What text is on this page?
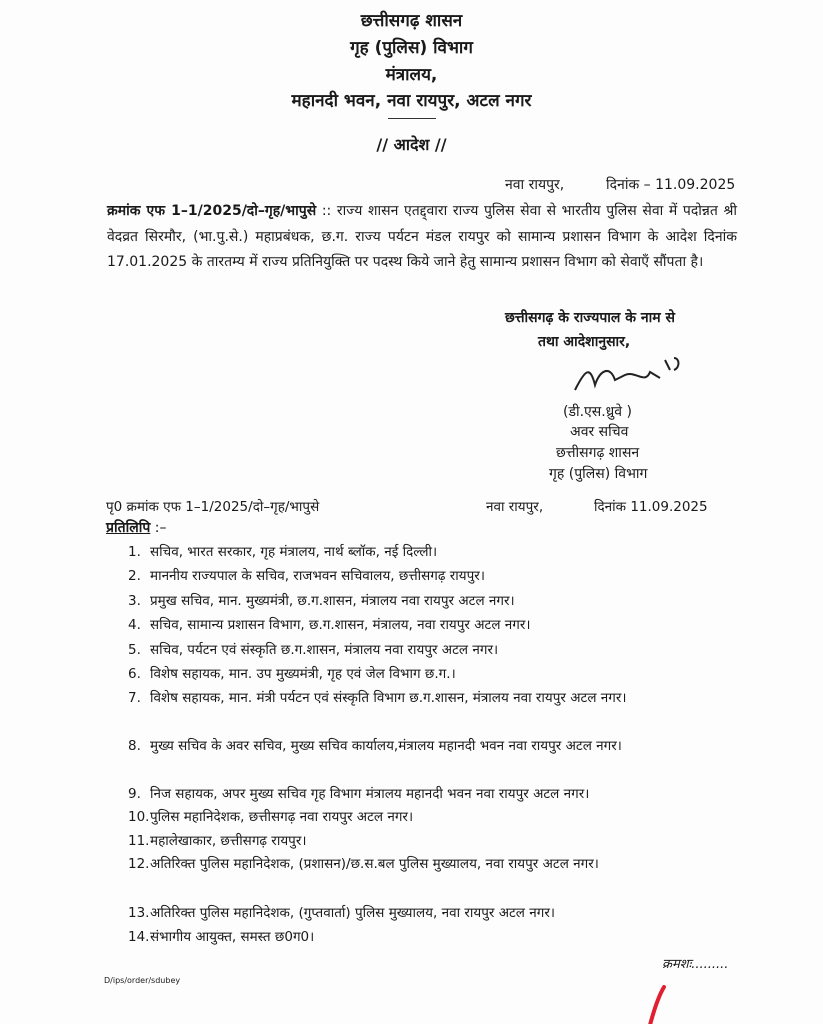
छत्तीसगढ़ शासन
गृह (पुलिस) विभाग
मंत्रालय,
महानदी भवन, नवा रायपुर, अटल नगर
// आदेश //
नवा रायपुर,	दिनांक – 11.09.2025
क्रमांक एफ 1–1/2025/दो–गृह/भापुसे :: राज्य शासन एतद्द्वारा राज्य पुलिस सेवा से भारतीय पुलिस सेवा में पदोन्नत श्री वेदव्रत सिरमौर, (भा.पु.से.) महाप्रबंधक, छ.ग. राज्य पर्यटन मंडल रायपुर को सामान्य प्रशासन विभाग के आदेश दिनांक 17.01.2025 के तारतम्य में राज्य प्रतिनियुक्ति पर पदस्थ किये जाने हेतु सामान्य प्रशासन विभाग को सेवाएँ सौंपता है।
छत्तीसगढ़ के राज्यपाल के नाम से
तथा आदेशानुसार,
(डी.एस.ध्रुवे )
अवर सचिव
छत्तीसगढ़ शासन
गृह (पुलिस) विभाग
पृ0 क्रमांक एफ 1–1/2025/दो–गृह/भापुसे	नवा रायपुर,	दिनांक 11.09.2025
प्रतिलिपि :–
1. सचिव, भारत सरकार, गृह मंत्रालय, नार्थ ब्लॉक, नई दिल्ली।
2. माननीय राज्यपाल के सचिव, राजभवन सचिवालय, छत्तीसगढ़ रायपुर।
3. प्रमुख सचिव, मान. मुख्यमंत्री, छ.ग.शासन, मंत्रालय नवा रायपुर अटल नगर।
4. सचिव, सामान्य प्रशासन विभाग, छ.ग.शासन, मंत्रालय, नवा रायपुर अटल नगर।
5. सचिव, पर्यटन एवं संस्कृति छ.ग.शासन, मंत्रालय नवा रायपुर अटल नगर।
6. विशेष सहायक, मान. उप मुख्यमंत्री, गृह एवं जेल विभाग छ.ग.।
7. विशेष सहायक, मान. मंत्री पर्यटन एवं संस्कृति विभाग छ.ग.शासन, मंत्रालय नवा रायपुर अटल नगर।
8. मुख्य सचिव के अवर सचिव, मुख्य सचिव कार्यालय,मंत्रालय महानदी भवन नवा रायपुर अटल नगर।
9. निज सहायक, अपर मुख्य सचिव गृह विभाग मंत्रालय महानदी भवन नवा रायपुर अटल नगर।
10.पुलिस महानिदेशक, छत्तीसगढ़ नवा रायपुर अटल नगर।
11.महालेखाकार, छत्तीसगढ़ रायपुर।
12.अतिरिक्त पुलिस महानिदेशक, (प्रशासन)/छ.स.बल पुलिस मुख्यालय, नवा रायपुर अटल नगर।
13.अतिरिक्त पुलिस महानिदेशक, (गुप्तवार्ता) पुलिस मुख्यालय, नवा रायपुर अटल नगर।
14.संभागीय आयुक्त, समस्त छ0ग0।
क्रमशः.........
D/ips/order/sdubey
